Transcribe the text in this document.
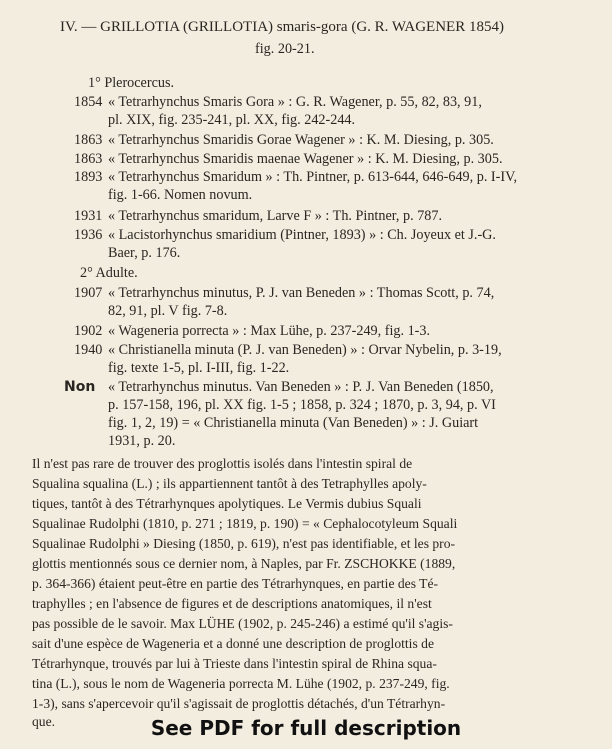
IV. — GRILLOTIA (GRILLOTIA) smaris-gora (G. R. WAGENER 1854)
fig. 20-21.
1° Plerocercus.
1854 « Tetrarhynchus Smaris Gora » : G. R. Wagener, p. 55, 82, 83, 91,
pl. XIX, fig. 235-241, pl. XX, fig. 242-244.
1863 « Tetrarhynchus Smaridis Gorae Wagener » : K. M. Diesing, p. 305.
1863 « Tetrarhynchus Smaridis maenae Wagener » : K. M. Diesing, p. 305.
1893 « Tetrarhynchus Smaridum » : Th. Pintner, p. 613-644, 646-649, p. I-IV,
fig. 1-66. Nomen novum.
1931 « Tetrarhynchus smaridum, Larve F » : Th. Pintner, p. 787.
1936 « Lacistorhynchus smaridium (Pintner, 1893) » : Ch. Joyeux et J.-G.
Baer, p. 176.
2° Adulte.
1907 « Tetrarhynchus minutus, P. J. van Beneden » : Thomas Scott, p. 74,
82, 91, pl. V fig. 7-8.
1902 « Wageneria porrecta » : Max Lühe, p. 237-249, fig. 1-3.
1940 « Christianella minuta (P. J. van Beneden) » : Orvar Nybelin, p. 3-19,
fig. texte 1-5, pl. I-III, fig. 1-22.
Non « Tetrarhynchus minutus. Van Beneden » : P. J. Van Beneden (1850,
p. 157-158, 196, pl. XX fig. 1-5 ; 1858, p. 324 ; 1870, p. 3, 94, p. VI
fig. 1, 2, 19) = « Christianella minuta (Van Beneden) » : J. Guiart
1931, p. 20.
Il n'est pas rare de trouver des proglottis isolés dans l'intestin spiral de
Squalina squalina (L.) ; ils appartiennent tantôt à des Tetraphylles apoly-
tiques, tantôt à des Tétrarhynques apolytiques. Le Vermis dubius Squali
Squalinae Rudolphi (1810, p. 271 ; 1819, p. 190) = « Cephalocotyleum Squali
Squalinae Rudolphi » Diesing (1850, p. 619), n'est pas identifiable, et les pro-
glottis mentionnés sous ce dernier nom, à Naples, par Fr. ZSCHOKKE (1889,
p. 364-366) étaient peut-être en partie des Tétrarhynques, en partie des Té-
traphylles ; en l'absence de figures et de descriptions anatomiques, il n'est
pas possible de le savoir. Max LÜHE (1902, p. 245-246) a estimé qu'il s'agis-
sait d'une espèce de Wageneria et a donné une description de proglottis de
Tétrarhynque, trouvés par lui à Trieste dans l'intestin spiral de Rhina squa-
tina (L.), sous le nom de Wageneria porrecta M. Lühe (1902, p. 237-249, fig.
1-3), sans s'apercevoir qu'il s'agissait de proglottis détachés, d'un Tétrarhyn-
que.	See PDF for full description
